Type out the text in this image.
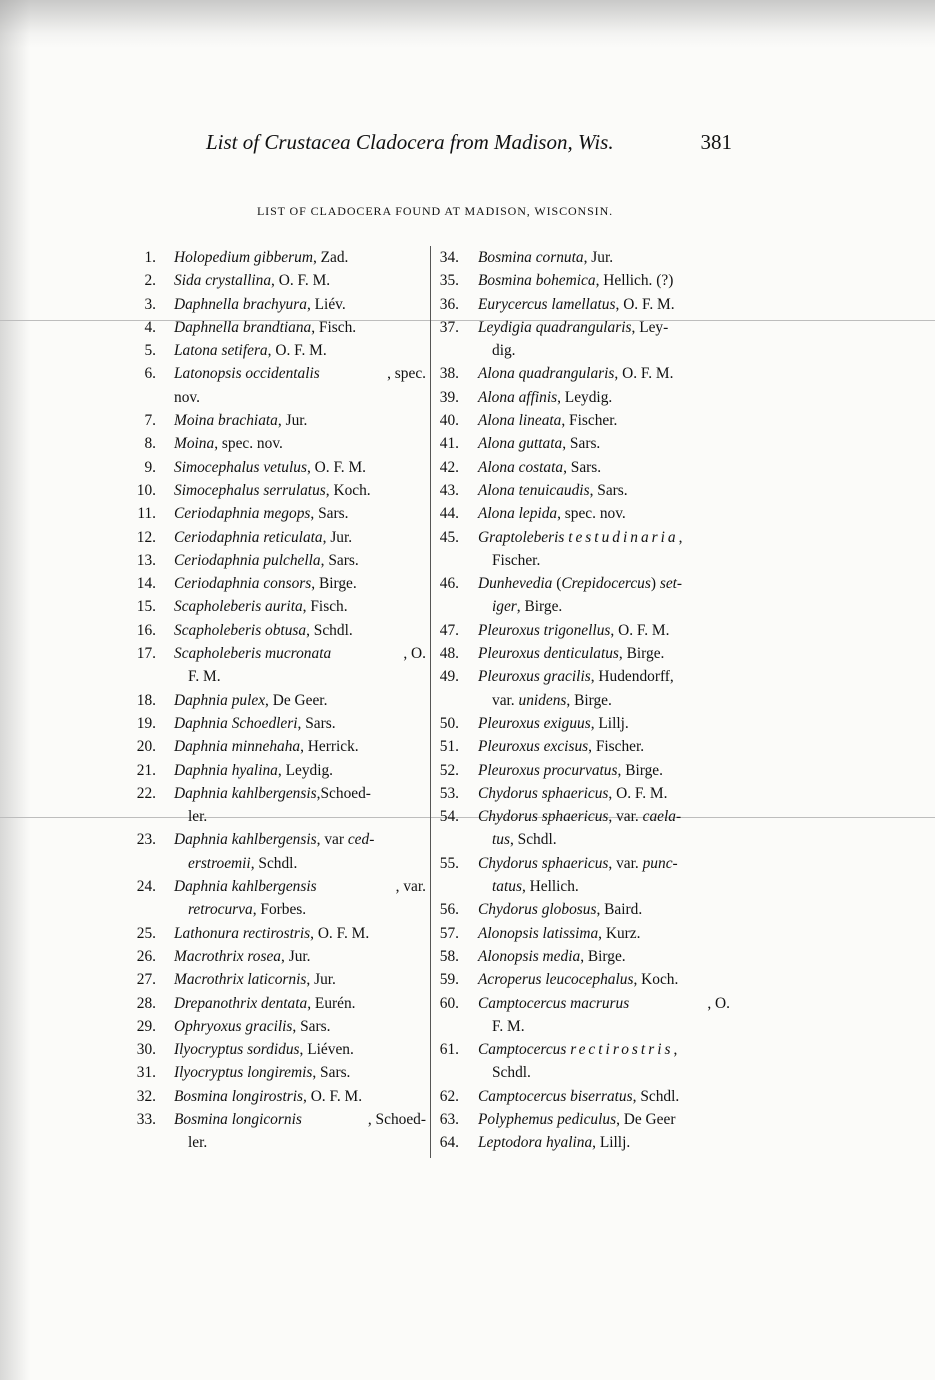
List of Crustacea Cladocera from Madison, Wis.	381
LIST OF CLADOCERA FOUND AT MADISON, WISCONSIN.
1. Holopedium gibberum, Zad.
2. Sida crystallina, O. F. M.
3. Daphnella brachyura, Liév.
4. Daphnella brandtiana, Fisch.
5. Latona setifera, O. F. M.
6. Latonopsis occidentalis	, spec.
nov.
7. Moina brachiata, Jur.
8. Moina, spec. nov.
9. Simocephalus vetulus, O. F. M.
10. Simocephalus serrulatus, Koch.
11. Ceriodaphnia megops, Sars.
12. Ceriodaphnia reticulata, Jur.
13. Ceriodaphnia pulchella, Sars.
14. Ceriodaphnia consors, Birge.
15. Scapholeberis aurita, Fisch.
16. Scapholeberis obtusa, Schdl.
17. Scapholeberis mucronata	, O.
F. M.
18. Daphnia pulex, De Geer.
19. Daphnia Schoedleri, Sars.
20. Daphnia minnehaha, Herrick.
21. Daphnia hyalina, Leydig.
22. Daphnia kahlbergensis,Schoed-
ler.
23. Daphnia kahlbergensis, var ced-
erstroemii, Schdl.
24. Daphnia kahlbergensis	, var.
retrocurva, Forbes.
25. Lathonura rectirostris, O. F. M.
26. Macrothrix rosea, Jur.
27. Macrothrix laticornis, Jur.
28. Drepanothrix dentata, Eurén.
29. Ophryoxus gracilis, Sars.
30. Ilyocryptus sordidus, Liéven.
31. Ilyocryptus longiremis, Sars.
32. Bosmina longirostris, O. F. M.
33. Bosmina longicornis	, Schoed-
ler.
34. Bosmina cornuta, Jur.
35. Bosmina bohemica, Hellich. (?)
36. Eurycercus lamellatus, O. F. M.
37. Leydigia quadrangularis, Ley-
dig.
38. Alona quadrangularis, O. F. M.
39. Alona affinis, Leydig.
40. Alona lineata, Fischer.
41. Alona guttata, Sars.
42. Alona costata, Sars.
43. Alona tenuicaudis, Sars.
44. Alona lepida, spec. nov.
45. Graptoleberis testudinaria,
Fischer.
46. Dunhevedia (Crepidocercus) set-
iger, Birge.
47. Pleuroxus trigonellus, O. F. M.
48. Pleuroxus denticulatus, Birge.
49. Pleuroxus gracilis, Hudendorff,
var. unidens, Birge.
50. Pleuroxus exiguus, Lillj.
51. Pleuroxus excisus, Fischer.
52. Pleuroxus procurvatus, Birge.
53. Chydorus sphaericus, O. F. M.
54. Chydorus sphaericus, var. caela-
tus, Schdl.
55. Chydorus sphaericus, var. punc-
tatus, Hellich.
56. Chydorus globosus, Baird.
57. Alonopsis latissima, Kurz.
58. Alonopsis media, Birge.
59. Acroperus leucocephalus, Koch.
60. Camptocercus macrurus	, O.
F. M.
61. Camptocercus rectirostris,
Schdl.
62. Camptocercus biserratus, Schdl.
63. Polyphemus pediculus, De Geer
64. Leptodora hyalina, Lillj.
